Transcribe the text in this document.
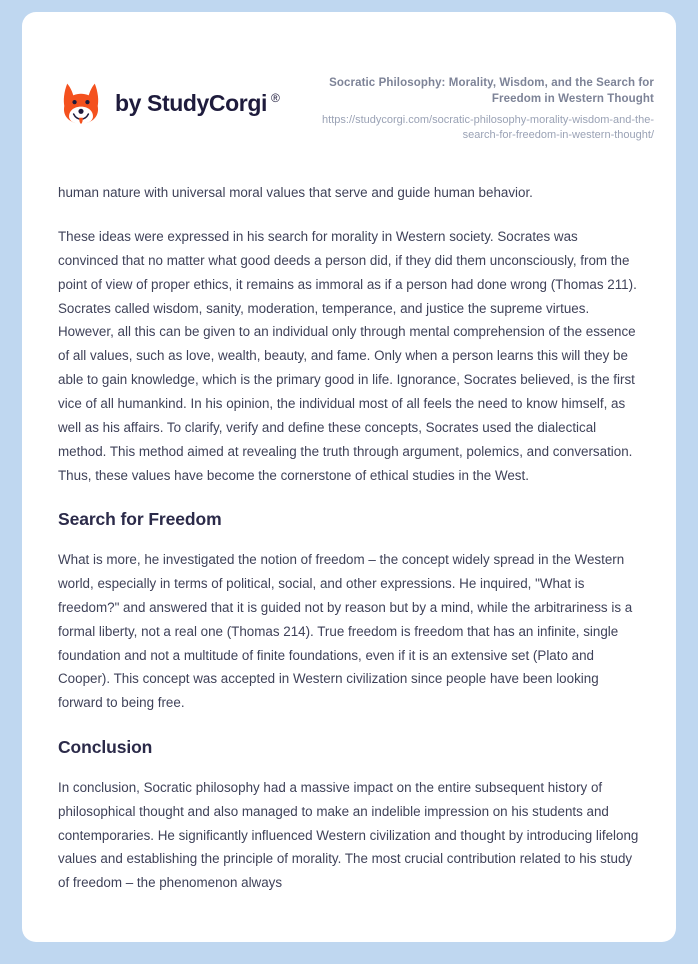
by StudyCorgi ®
Socratic Philosophy: Morality, Wisdom, and the Search for Freedom in Western Thought
https://studycorgi.com/socratic-philosophy-morality-wisdom-and-the-search-for-freedom-in-western-thought/

human nature with universal moral values that serve and guide human behavior.

These ideas were expressed in his search for morality in Western society. Socrates was convinced that no matter what good deeds a person did, if they did them unconsciously, from the point of view of proper ethics, it remains as immoral as if a person had done wrong (Thomas 211). Socrates called wisdom, sanity, moderation, temperance, and justice the supreme virtues. However, all this can be given to an individual only through mental comprehension of the essence of all values, such as love, wealth, beauty, and fame. Only when a person learns this will they be able to gain knowledge, which is the primary good in life. Ignorance, Socrates believed, is the first vice of all humankind. In his opinion, the individual most of all feels the need to know himself, as well as his affairs. To clarify, verify and define these concepts, Socrates used the dialectical method. This method aimed at revealing the truth through argument, polemics, and conversation. Thus, these values have become the cornerstone of ethical studies in the West.

Search for Freedom

What is more, he investigated the notion of freedom – the concept widely spread in the Western world, especially in terms of political, social, and other expressions. He inquired, "What is freedom?" and answered that it is guided not by reason but by a mind, while the arbitrariness is a formal liberty, not a real one (Thomas 214). True freedom is freedom that has an infinite, single foundation and not a multitude of finite foundations, even if it is an extensive set (Plato and Cooper). This concept was accepted in Western civilization since people have been looking forward to being free.

Conclusion

In conclusion, Socratic philosophy had a massive impact on the entire subsequent history of philosophical thought and also managed to make an indelible impression on his students and contemporaries. He significantly influenced Western civilization and thought by introducing lifelong values and establishing the principle of morality. The most crucial contribution related to his study of freedom – the phenomenon always
